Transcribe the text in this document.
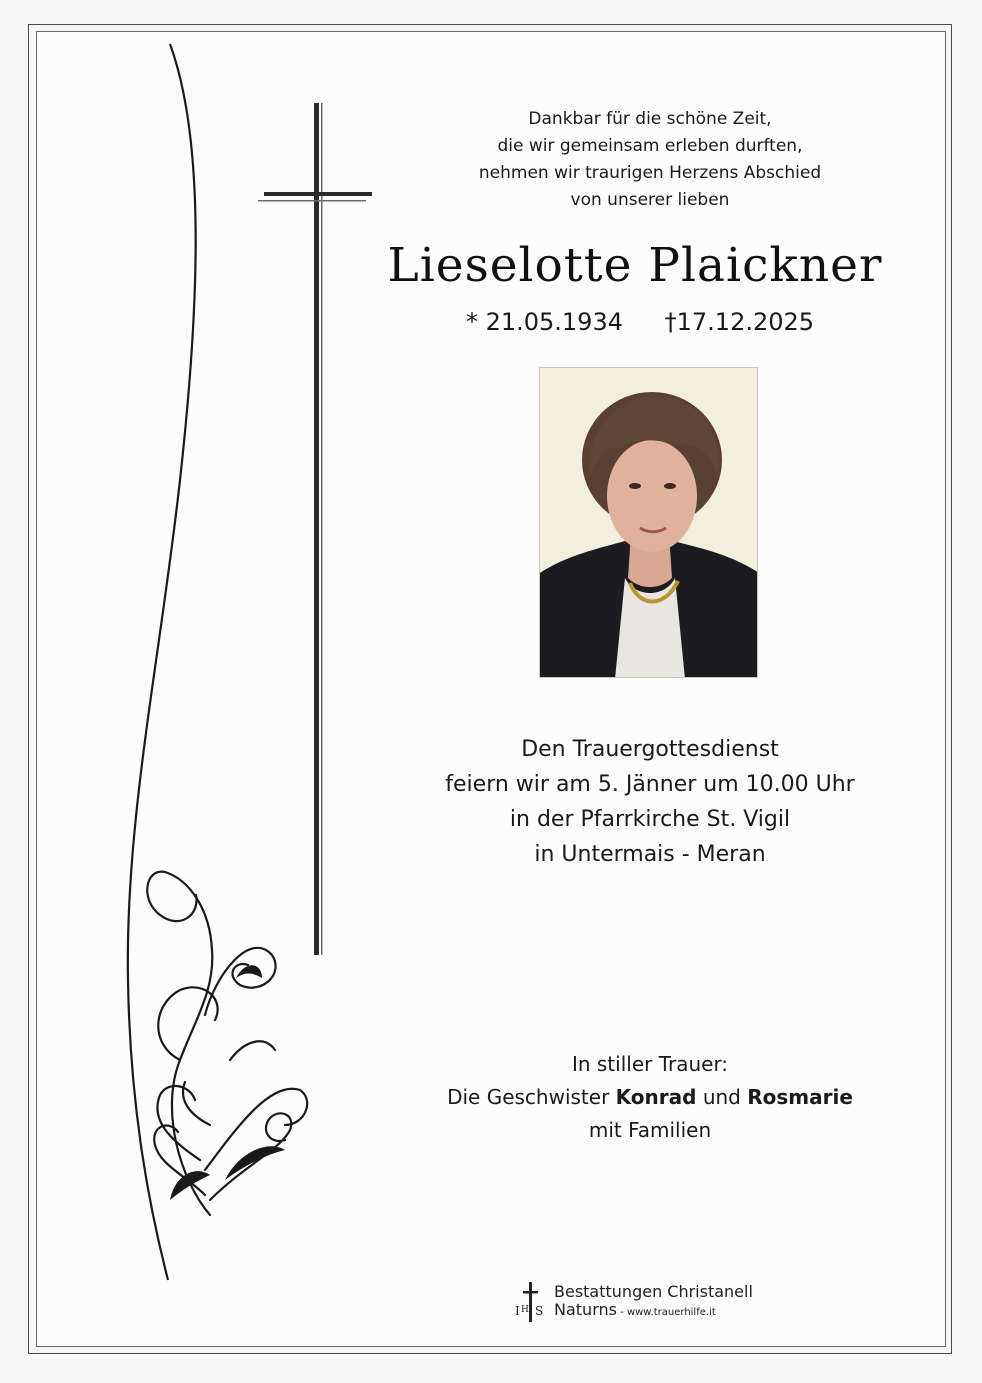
Dankbar für die schöne Zeit,
die wir gemeinsam erleben durften,
nehmen wir traurigen Herzens Abschied
von unserer lieben
Lieselotte Plaickner
* 21.05.1934 †17.12.2025
Den Trauergottesdienst
feiern wir am 5. Jänner um 10.00 Uhr
in der Pfarrkirche St. Vigil
in Untermais - Meran
In stiller Trauer:
Die Geschwister Konrad und Rosmarie
mit Familien
I S
H
Bestattungen Christanell
Naturns - www.trauerhilfe.it
